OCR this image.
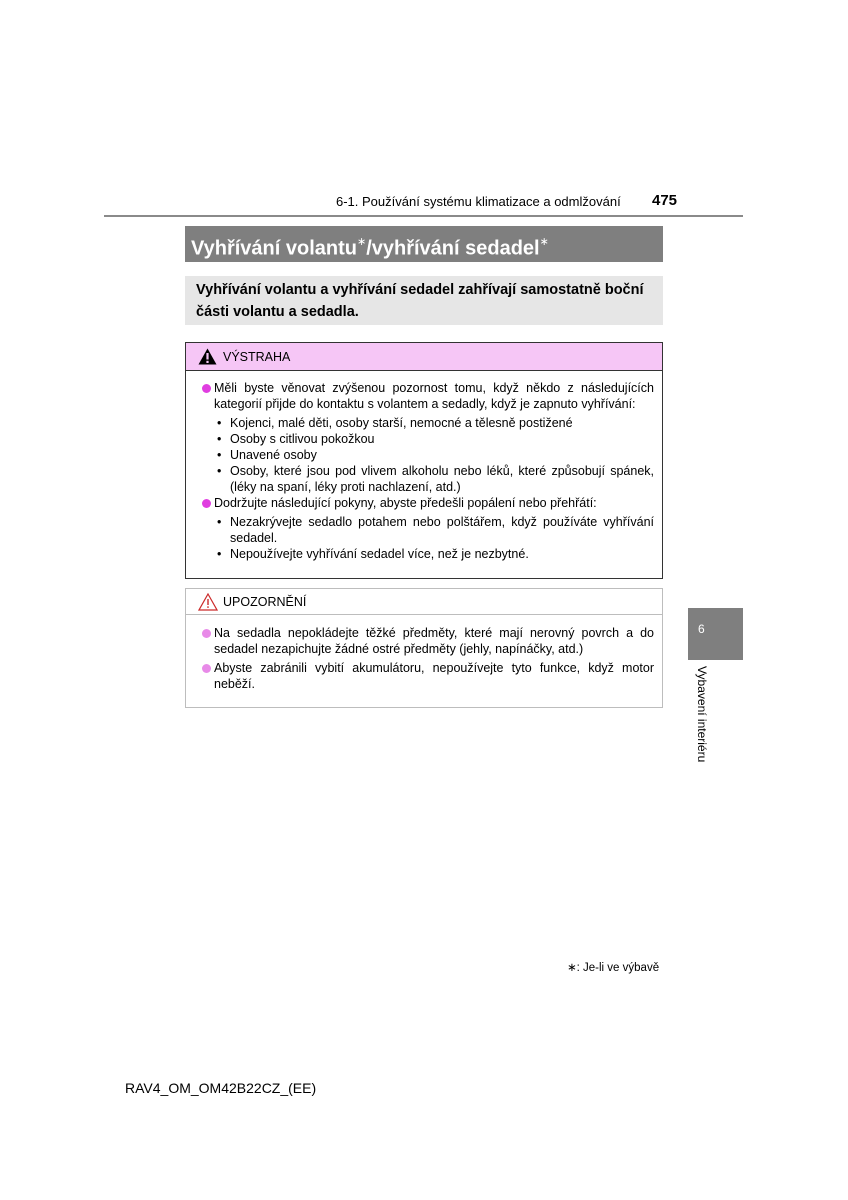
6-1. Používání systému klimatizace a odmlžování 475
Vyhřívání volantu∗/vyhřívání sedadel∗
Vyhřívání volantu a vyhřívání sedadel zahřívají samostatně boční části volantu a sedadla.
VÝSTRAHA
Měli byste věnovat zvýšenou pozornost tomu, když někdo z následujících kategorií přijde do kontaktu s volantem a sedadly, když je zapnuto vyhřívání:
• Kojenci, malé děti, osoby starší, nemocné a tělesně postižené
• Osoby s citlivou pokožkou
• Unavené osoby
• Osoby, které jsou pod vlivem alkoholu nebo léků, které způsobují spánek, (léky na spaní, léky proti nachlazení, atd.)
Dodržujte následující pokyny, abyste předešli popálení nebo přehřátí:
• Nezakrývejte sedadlo potahem nebo polštářem, když používáte vyhřívání sedadel.
• Nepoužívejte vyhřívání sedadel více, než je nezbytné.
UPOZORNĚNÍ
Na sedadla nepokládejte těžké předměty, které mají nerovný povrch a do sedadel nezapichujte žádné ostré předměty (jehly, napínáčky, atd.)
Abyste zabránili vybití akumulátoru, nepoužívejte tyto funkce, když motor neběží.
6
Vybavení interiéru
∗: Je-li ve výbavě
RAV4_OM_OM42B22CZ_(EE)
